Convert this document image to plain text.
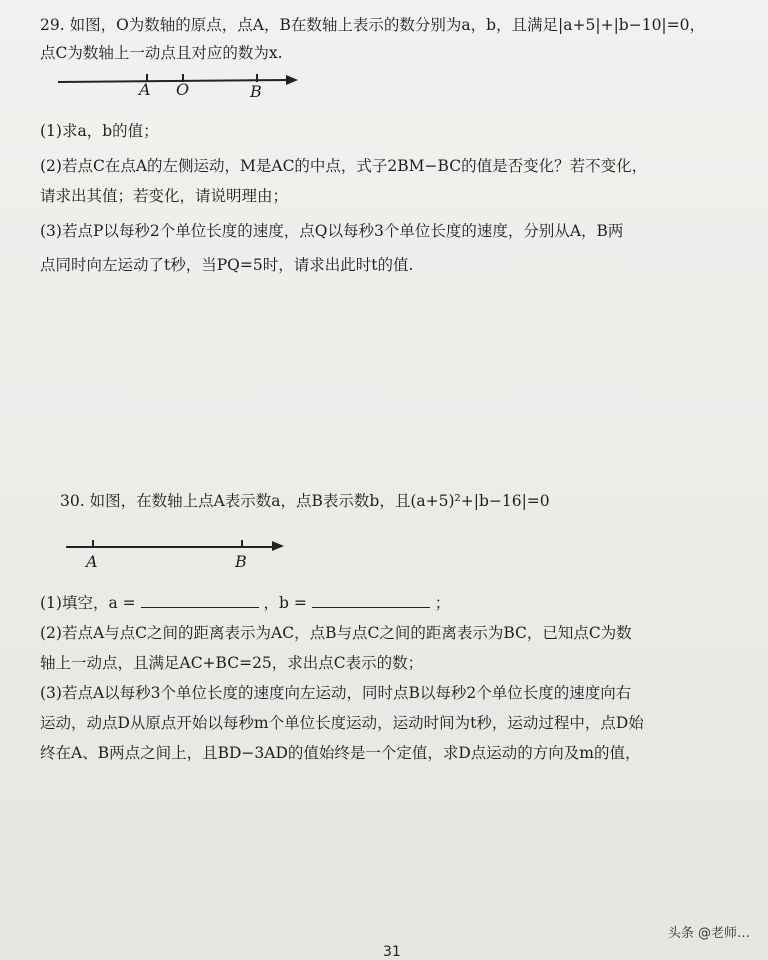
29. 如图，O为数轴的原点，点A，B在数轴上表示的数分别为a，b，且满足|a+5|+|b−10|=0，
点C为数轴上一动点且对应的数为x.
A O	B
(1)求a，b的值；
(2)若点C在点A的左侧运动，M是AC的中点，式子2BM−BC的值是否变化？若不变化，
请求出其值；若变化，请说明理由；
(3)若点P以每秒2个单位长度的速度，点Q以每秒3个单位长度的速度，分别从A，B两
点同时向左运动了t秒，当PQ=5时，请求出此时t的值.
30. 如图，在数轴上点A表示数a，点B表示数b，且(a+5)²+|b−16|=0
A	B
(1)填空，a =	，b =	；
(2)若点A与点C之间的距离表示为AC，点B与点C之间的距离表示为BC，已知点C为数
轴上一动点，且满足AC+BC=25，求出点C表示的数；
(3)若点A以每秒3个单位长度的速度向左运动，同时点B以每秒2个单位长度的速度向右
运动，动点D从原点开始以每秒m个单位长度运动，运动时间为t秒，运动过程中，点D始
终在A、B两点之间上，且BD−3AD的值始终是一个定值，求D点运动的方向及m的值，
31
头条 @老师…
